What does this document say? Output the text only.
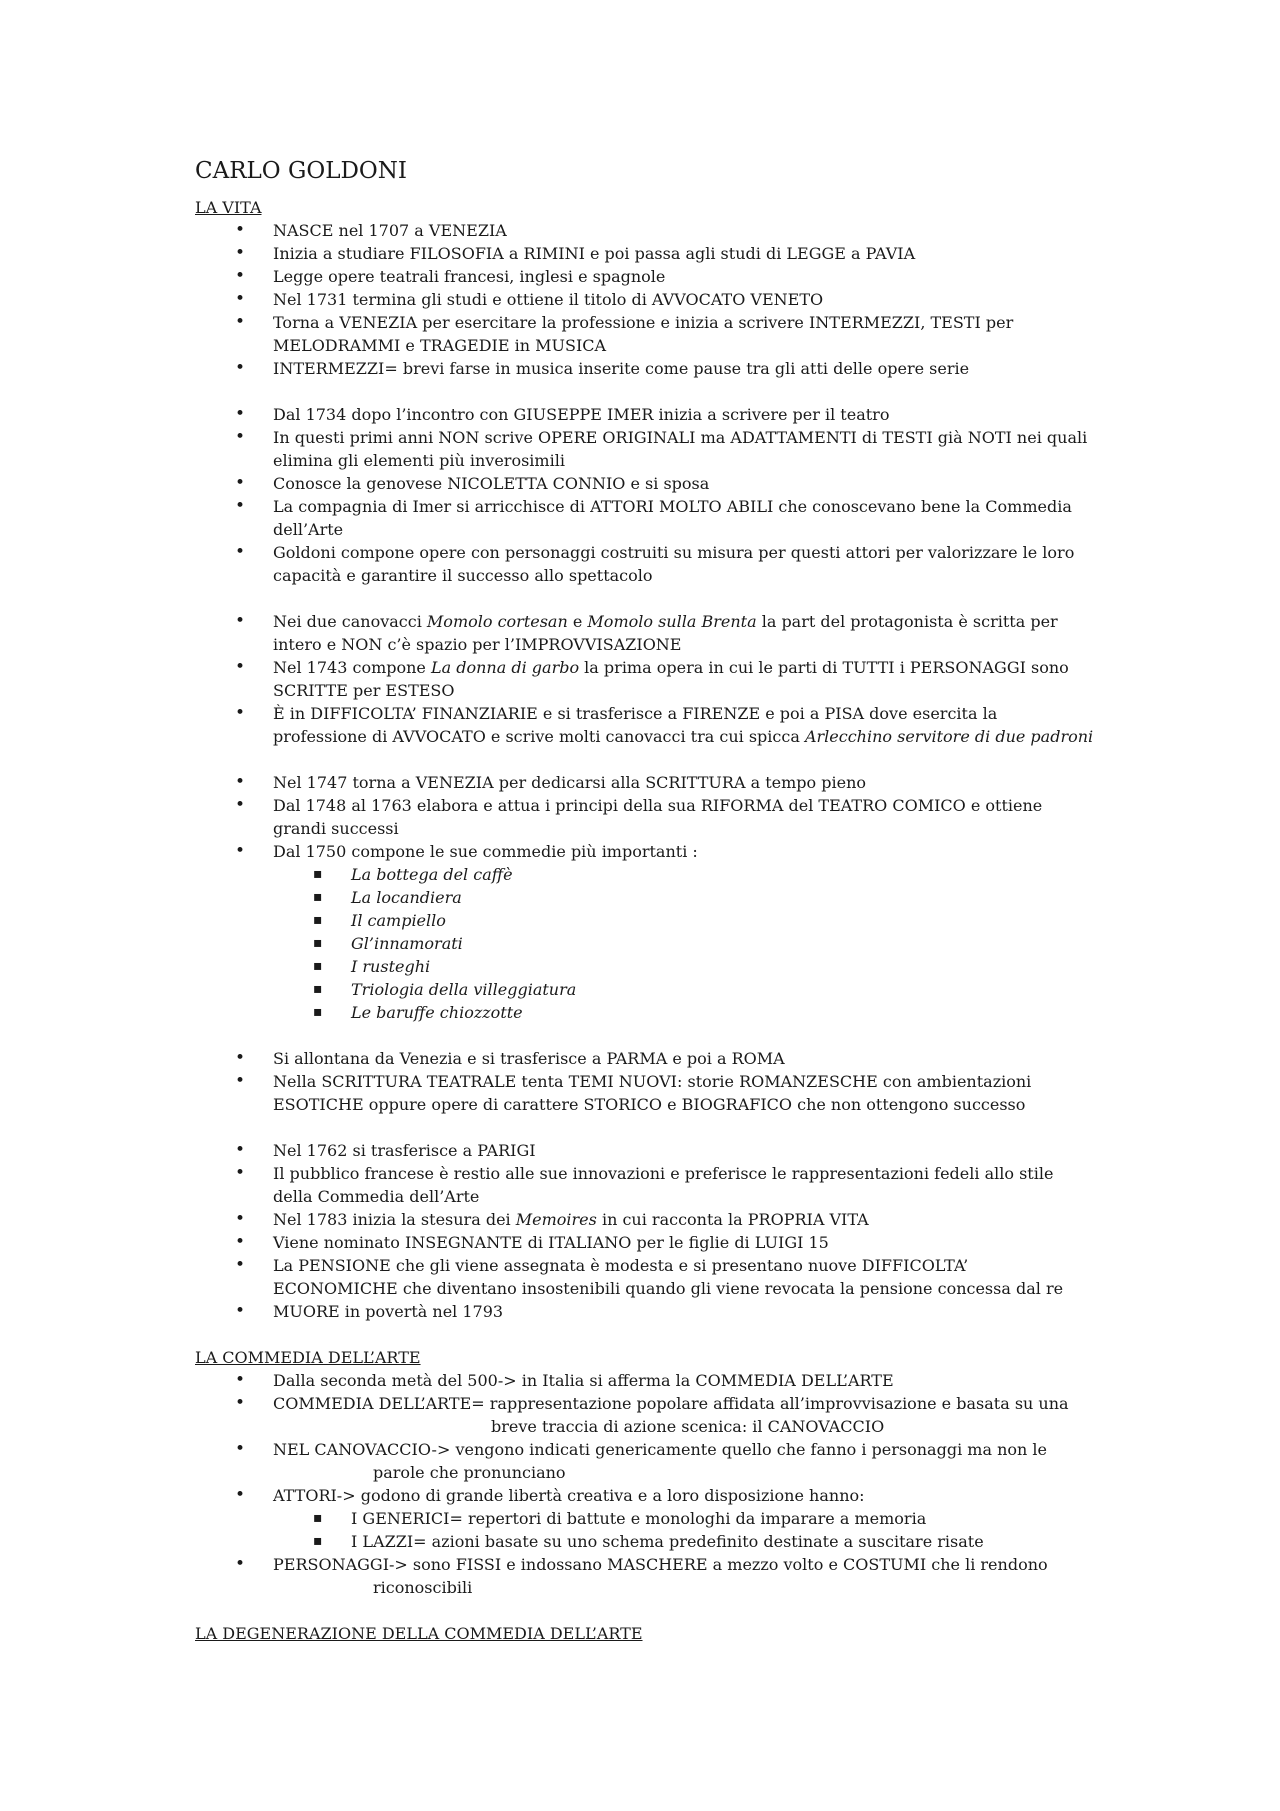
CARLO GOLDONI

LA VITA

• NASCE nel 1707 a VENEZIA
• Inizia a studiare FILOSOFIA a RIMINI e poi passa agli studi di LEGGE a PAVIA
• Legge opere teatrali francesi, inglesi e spagnole
• Nel 1731 termina gli studi e ottiene il titolo di AVVOCATO VENETO
• Torna a VENEZIA per esercitare la professione e inizia a scrivere INTERMEZZI, TESTI per MELODRAMMI e TRAGEDIE in MUSICA
• INTERMEZZI= brevi farse in musica inserite come pause tra gli atti delle opere serie
• Dal 1734 dopo l’incontro con GIUSEPPE IMER inizia a scrivere per il teatro
• In questi primi anni NON scrive OPERE ORIGINALI ma ADATTAMENTI di TESTI già NOTI nei quali elimina gli elementi più inverosimili
• Conosce la genovese NICOLETTA CONNIO e si sposa
• La compagnia di Imer si arricchisce di ATTORI MOLTO ABILI che conoscevano bene la Commedia dell’Arte
• Goldoni compone opere con personaggi costruiti su misura per questi attori per valorizzare le loro capacità e garantire il successo allo spettacolo
• Nei due canovacci Momolo cortesan e Momolo sulla Brenta la part del protagonista è scritta per intero e NON c’è spazio per l’IMPROVVISAZIONE
• Nel 1743 compone La donna di garbo la prima opera in cui le parti di TUTTI i PERSONAGGI sono SCRITTE per ESTESO
• È in DIFFICOLTA’ FINANZIARIE e si trasferisce a FIRENZE e poi a PISA dove esercita la professione di AVVOCATO e scrive molti canovacci tra cui spicca Arlecchino servitore di due padroni
• Nel 1747 torna a VENEZIA per dedicarsi alla SCRITTURA a tempo pieno
• Dal 1748 al 1763 elabora e attua i principi della sua RIFORMA del TEATRO COMICO e ottiene grandi successi
• Dal 1750 compone le sue commedie più importanti :
▪ La bottega del caffè
▪ La locandiera
▪ Il campiello
▪ Gl’innamorati
▪ I rusteghi
▪ Triologia della villeggiatura
▪ Le baruffe chiozzotte
• Si allontana da Venezia e si trasferisce a PARMA e poi a ROMA
• Nella SCRITTURA TEATRALE tenta TEMI NUOVI: storie ROMANZESCHE con ambientazioni ESOTICHE oppure opere di carattere STORICO e BIOGRAFICO che non ottengono successo
• Nel 1762 si trasferisce a PARIGI
• Il pubblico francese è restio alle sue innovazioni e preferisce le rappresentazioni fedeli allo stile della Commedia dell’Arte
• Nel 1783 inizia la stesura dei Memoires in cui racconta la PROPRIA VITA
• Viene nominato INSEGNANTE di ITALIANO per le figlie di LUIGI 15
• La PENSIONE che gli viene assegnata è modesta e si presentano nuove DIFFICOLTA’ ECONOMICHE che diventano insostenibili quando gli viene revocata la pensione concessa dal re
• MUORE in povertà nel 1793

LA COMMEDIA DELL’ARTE

• Dalla seconda metà del 500-> in Italia si afferma la COMMEDIA DELL’ARTE
• COMMEDIA DELL’ARTE= rappresentazione popolare affidata all’improvvisazione e basata su una
breve traccia di azione scenica: il CANOVACCIO
• NEL CANOVACCIO-> vengono indicati genericamente quello che fanno i personaggi ma non le
parole che pronunciano
• ATTORI-> godono di grande libertà creativa e a loro disposizione hanno:
▪ I GENERICI= repertori di battute e monologhi da imparare a memoria
▪ I LAZZI= azioni basate su uno schema predefinito destinate a suscitare risate
• PERSONAGGI-> sono FISSI e indossano MASCHERE a mezzo volto e COSTUMI che li rendono
riconoscibili

LA DEGENERAZIONE DELLA COMMEDIA DELL’ARTE
